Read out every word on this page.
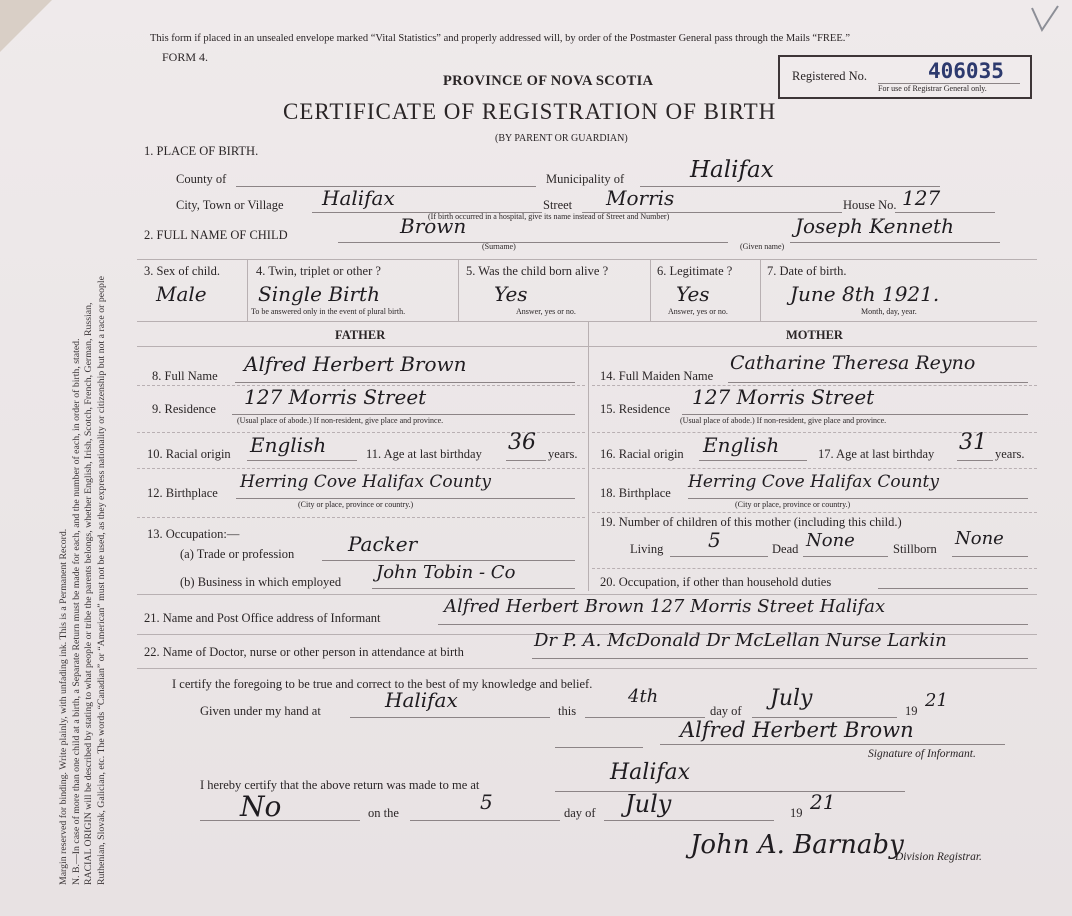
Margin reserved for binding. Write plainly, with unfading ink. This is a Permanent Record. N. B.—In case of more than one child at a birth, a Separate Return must be made for each, and the number of each, in order of birth, stated. RACIAL ORIGIN will be described by stating to what people or tribe the parents belongs, whether English, Irish, Scotch, French, German, Russian, Ruthenian, Slovak, Galician, etc. The words “Canadian” or “American” must not be used, as they express nationality or citizenship but not a race or people
This form if placed in an unsealed envelope marked “Vital Statistics” and properly addressed will, by order of the Postmaster General pass through the Mails “FREE.”
FORM 4.
PROVINCE OF NOVA SCOTIA
CERTIFICATE OF REGISTRATION OF BIRTH
(BY PARENT OR GUARDIAN)
Registered No.	406035
For use of Registrar General only.
1. PLACE OF BIRTH.
County of	Municipality of	Halifax
City, Town or Village Halifax	Street Morris	House No. 127
(If birth occurred in a hospital, give its name instead of Street and Number)
2. FULL NAME OF CHILD	Brown	Joseph Kenneth
(Surname)	(Given name)
3. Sex of child.
Male
4. Twin, triplet or other ?
Single Birth
To be answered only in the event of plural birth.
5. Was the child born alive ?
Yes
Answer, yes or no.
6. Legitimate ?
Yes
Answer, yes or no.
7. Date of birth.
June 8th 1921.
Month, day, year.
FATHER	MOTHER
8. Full Name Alfred Herbert Brown
9. Residence 127 Morris Street
(Usual place of abode.) If non-resident, give place and province.
10. Racial origin English	11. Age at last birthday 36 years.
12. Birthplace
Herring Cove Halifax County
(City or place, province or country.)
13. Occupation:—
(a) Trade or profession	Packer
(b) Business in which employed John Tobin - Co
14. Full Maiden Name
Catharine Theresa Reyno
15. Residence 127 Morris Street
(Usual place of abode.) If non-resident, give place and province.
16. Racial origin English	17. Age at last birthday 31 years.
18. Birthplace
Herring Cove Halifax County
(City or place, province or country.)
19. Number of children of this mother (including this child.)
Living 5	Dead None	Stillborn None
20. Occupation, if other than household duties
21. Name and Post Office address of Informant
Alfred Herbert Brown 127 Morris Street Halifax
22. Name of Doctor, nurse or other person in attendance at birth
Dr P. A. McDonald Dr McLellan Nurse Larkin
I certify the foregoing to be true and correct to the best of my knowledge and belief.
Given under my hand at	Halifax	this
4th
day of July	19 21
Alfred Herbert Brown
Signature of Informant.
I hereby certify that the above return was made to me at	Halifax
No	on the	5	day of July	19 21
John A. Barnaby
Division Registrar.
